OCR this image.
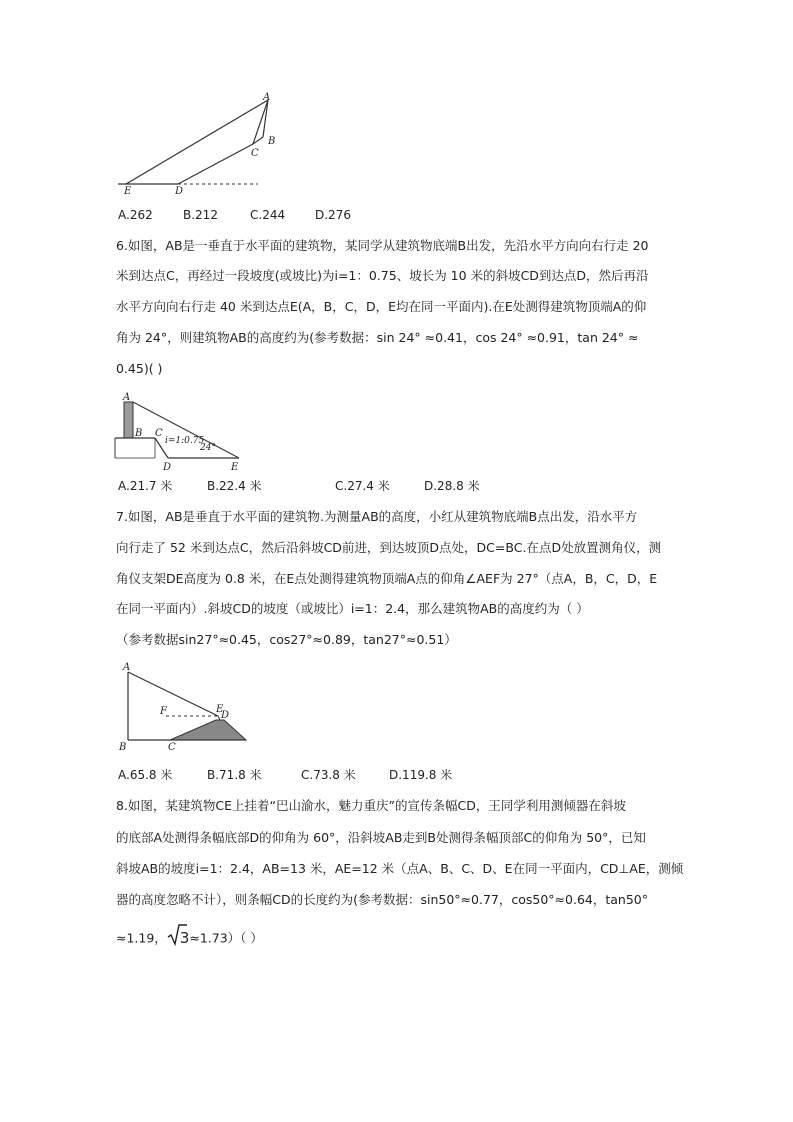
A
B
C
D
E
A.262	B.212	C.244 D.276
6.如图，AB是一垂直于水平面的建筑物，某同学从建筑物底端B出发，先沿水平方向向右行走 20
米到达点C，再经过一段坡度(或坡比)为i=1：0.75、坡长为 10 米的斜坡CD到达点D，然后再沿
水平方向向右行走 40 米到达点E(A，B，C，D，E均在同一平面内).在E处测得建筑物顶端A的仰
角为 24°，则建筑物AB的高度约为(参考数据：sin 24° ≈0.41，cos 24° ≈0.91，tan 24° ≈
0.45)( )
A
B C
D	E
i=1:0.75
24°
A.21.7 米	B.22.4 米	C.27.4 米	D.28.8 米
7.如图，AB是垂直于水平面的建筑物.为测量AB的高度，小红从建筑物底端B点出发，沿水平方
向行走了 52 米到达点C，然后沿斜坡CD前进，到达坡顶D点处，DC=BC.在点D处放置测角仪，测
角仪支架DE高度为 0.8 米，在E点处测得建筑物顶端A点的仰角∠AEF为 27°（点A，B，C，D，E
在同一平面内）.斜坡CD的坡度（或坡比）i=1：2.4，那么建筑物AB的高度约为（ ）
（参考数据sin27°≈0.45，cos27°≈0.89，tan27°≈0.51）
A
B	C
D
E
F
A.65.8 米	B.71.8 米	C.73.8 米	D.119.8 米
8.如图，某建筑物CE上挂着“巴山渝水，魅力重庆”的宣传条幅CD，王同学利用测倾器在斜坡
的底部A处测得条幅底部D的仰角为 60°，沿斜坡AB走到B处测得条幅顶部C的仰角为 50°，已知
斜坡AB的坡度i=1：2.4，AB=13 米，AE=12 米（点A、B、C、D、E在同一平面内，CD⊥AE，测倾
器的高度忽略不计），则条幅CD的长度约为(参考数据：sin50°≈0.77，cos50°≈0.64，tan50°
≈1.19， 3≈1.73）（ ）
